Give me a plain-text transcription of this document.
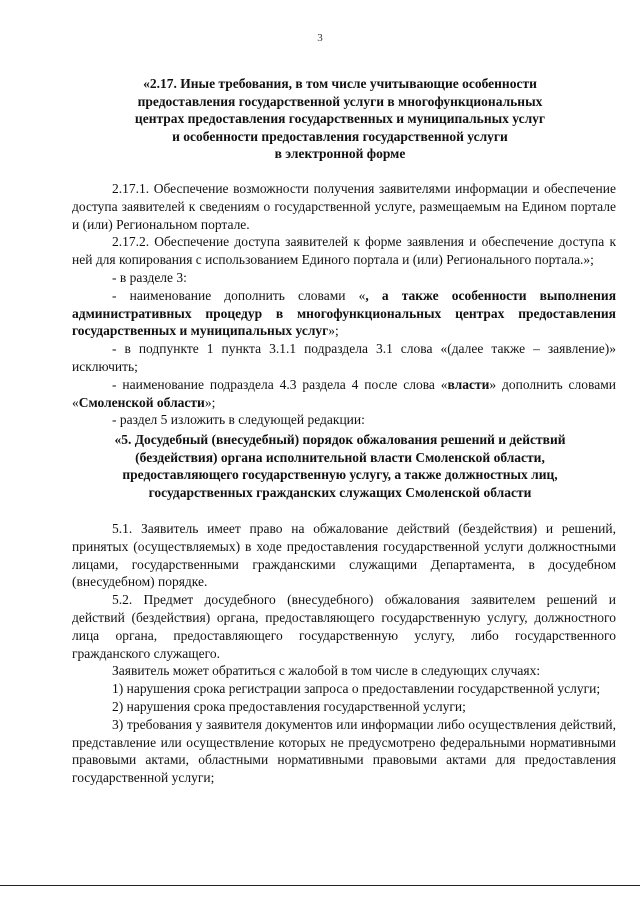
3
«2.17. Иные требования, в том числе учитывающие особенности
предоставления государственной услуги в многофункциональных
центрах предоставления государственных и муниципальных услуг
и особенности предоставления государственной услуги
в электронной форме

2.17.1. Обеспечение возможности получения заявителями информации и обеспечение доступа заявителей к сведениям о государственной услуге, размещаемым на Едином портале и (или) Региональном портале.

2.17.2. Обеспечение доступа заявителей к форме заявления и обеспечение доступа к ней для копирования с использованием Единого портала и (или) Регионального портала.»;

- в разделе 3:

- наименование дополнить словами «, а также особенности выполнения административных процедур в многофункциональных центрах предоставления государственных и муниципальных услуг»;

- в подпункте 1 пункта 3.1.1 подраздела 3.1 слова «(далее также – заявление)» исключить;

- наименование подраздела 4.3 раздела 4 после слова «власти» дополнить словами «Смоленской области»;

- раздел 5 изложить в следующей редакции:

«5. Досудебный (внесудебный) порядок обжалования решений и действий
(бездействия) органа исполнительной власти Смоленской области,
предоставляющего государственную услугу, а также должностных лиц,
государственных гражданских служащих Смоленской области

5.1. Заявитель имеет право на обжалование действий (бездействия) и решений, принятых (осуществляемых) в ходе предоставления государственной услуги должностными лицами, государственными гражданскими служащими Департамента, в досудебном (внесудебном) порядке.

5.2. Предмет досудебного (внесудебного) обжалования заявителем решений и действий (бездействия) органа, предоставляющего государственную услугу, должностного лица органа, предоставляющего государственную услугу, либо государственного гражданского служащего.

Заявитель может обратиться с жалобой в том числе в следующих случаях:

1) нарушения срока регистрации запроса о предоставлении государственной услуги;

2) нарушения срока предоставления государственной услуги;

3) требования у заявителя документов или информации либо осуществления действий, представление или осуществление которых не предусмотрено федеральными нормативными правовыми актами, областными нормативными правовыми актами для предоставления государственной услуги;
